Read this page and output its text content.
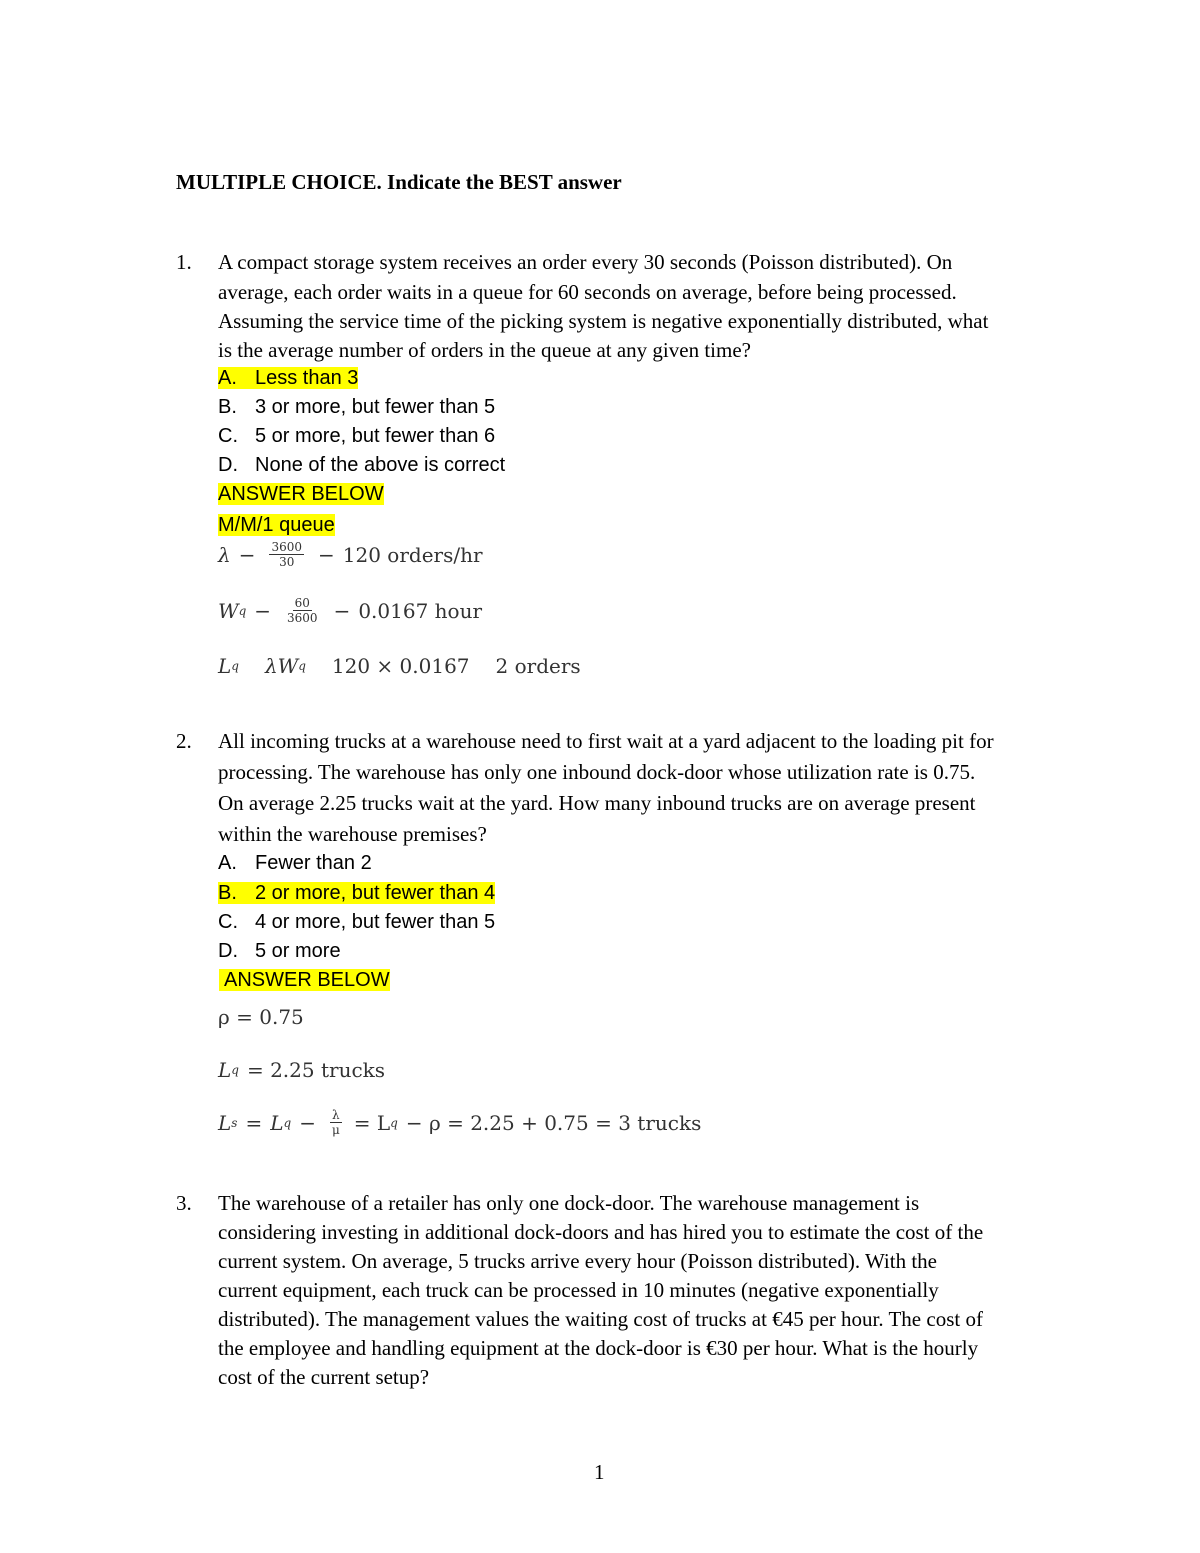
MULTIPLE CHOICE. Indicate the BEST answer
1. A compact storage system receives an order every 30 seconds (Poisson distributed). On
average, each order waits in a queue for 60 seconds on average, before being processed.
Assuming the service time of the picking system is negative exponentially distributed, what
is the average number of orders in the queue at any given time?
A. Less than 3
B. 3 or more, but fewer than 5
C. 5 or more, but fewer than 6
D. None of the above is correct
ANSWER BELOW
M/M/1 queue
$\lambda - \frac{3600}{30} - 120$ orders/hr
W $q - \frac{60}{3600} - 0.0167$ hour
L q λW q 120 × 0.0167 2 orders
2. All incoming trucks at a warehouse need to first wait at a yard adjacent to the loading pit for
processing. The warehouse has only one inbound dock-door whose utilization rate is 0.75.
On average 2.25 trucks wait at the yard. How many inbound trucks are on average present
within the warehouse premises?
A. Fewer than 2
B. 2 or more, but fewer than 4
C. 4 or more, but fewer than 5
D. 5 or more
ANSWER BELOW
ρ = 0.75
L q = 2.25 trucks
L s = L $q - \frac{\lambda}{\mu} = L$ q − ρ = 2.25 + 0.75 = 3 trucks
3. The warehouse of a retailer has only one dock-door. The warehouse management is
considering investing in additional dock-doors and has hired you to estimate the cost of the
current system. On average, 5 trucks arrive every hour (Poisson distributed). With the
current equipment, each truck can be processed in 10 minutes (negative exponentially
distributed). The management values the waiting cost of trucks at €45 per hour. The cost of
the employee and handling equipment at the dock-door is €30 per hour. What is the hourly
cost of the current setup?
1
